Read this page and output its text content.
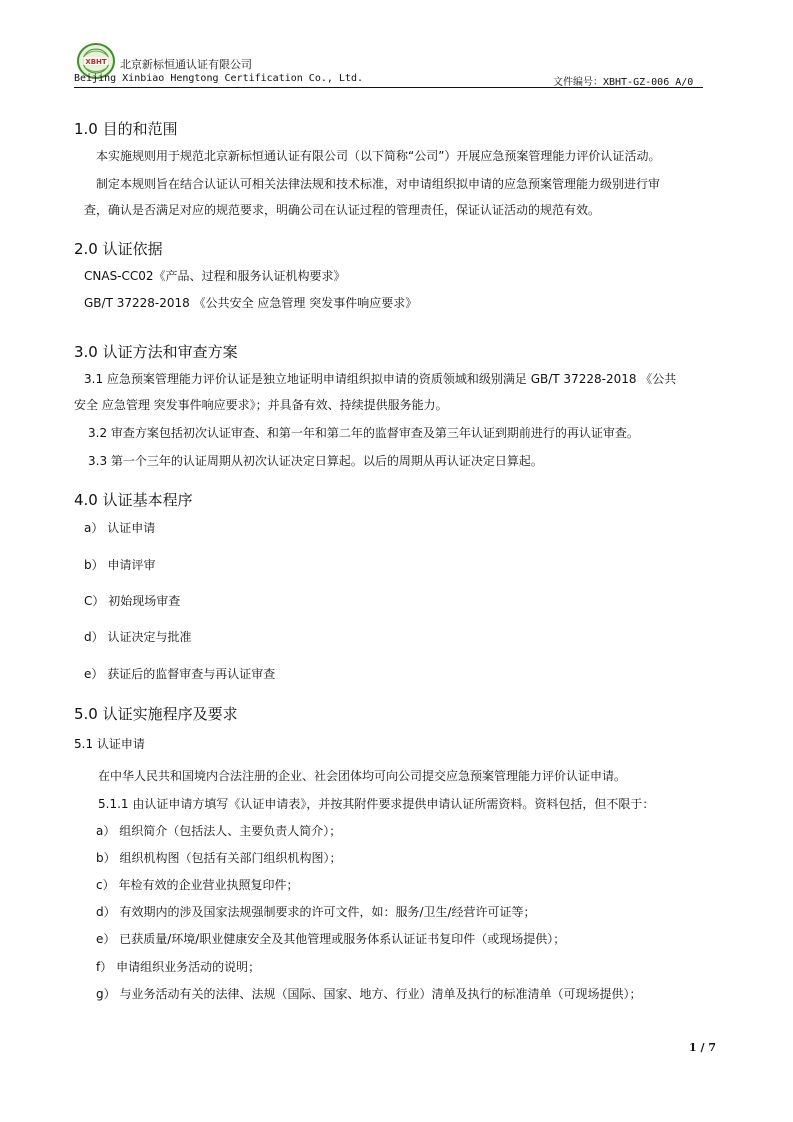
XBHT 北京新标恒通认证有限公司
Beijing Xinbiao Hengtong Certification Co., Ltd.	文件编号：XBHT-GZ-006 A/0
1.0 目的和范围
本实施规则用于规范北京新标恒通认证有限公司（以下简称“公司”）开展应急预案管理能力评价认证活动。
制定本规则旨在结合认证认可相关法律法规和技术标准，对申请组织拟申请的应急预案管理能力级别进行审
查，确认是否满足对应的规范要求，明确公司在认证过程的管理责任，保证认证活动的规范有效。
2.0 认证依据
CNAS-CC02《产品、过程和服务认证机构要求》
GB/T 37228-2018 《公共安全 应急管理 突发事件响应要求》
3.0 认证方法和审查方案
3.1 应急预案管理能力评价认证是独立地证明申请组织拟申请的资质领域和级别满足 GB/T 37228-2018 《公共
安全 应急管理 突发事件响应要求》；并具备有效、持续提供服务能力。
3.2 审查方案包括初次认证审查、和第一年和第二年的监督审查及第三年认证到期前进行的再认证审查。
3.3 第一个三年的认证周期从初次认证决定日算起。以后的周期从再认证决定日算起。
4.0 认证基本程序
a） 认证申请
b） 申请评审
C） 初始现场审查
d） 认证决定与批准
e） 获证后的监督审查与再认证审查
5.0 认证实施程序及要求
5.1 认证申请
在中华人民共和国境内合法注册的企业、社会团体均可向公司提交应急预案管理能力评价认证申请。
5.1.1 由认证申请方填写《认证申请表》，并按其附件要求提供申请认证所需资料。资料包括，但不限于：
a） 组织简介（包括法人、主要负责人简介）；
b） 组织机构图（包括有关部门组织机构图）；
c） 年检有效的企业营业执照复印件；
d） 有效期内的涉及国家法规强制要求的许可文件，如：服务/卫生/经营许可证等；
e） 已获质量/环境/职业健康安全及其他管理或服务体系认证证书复印件（或现场提供）；
f） 申请组织业务活动的说明；
g） 与业务活动有关的法律、法规（国际、国家、地方、行业）清单及执行的标准清单（可现场提供）；
1 / 7
